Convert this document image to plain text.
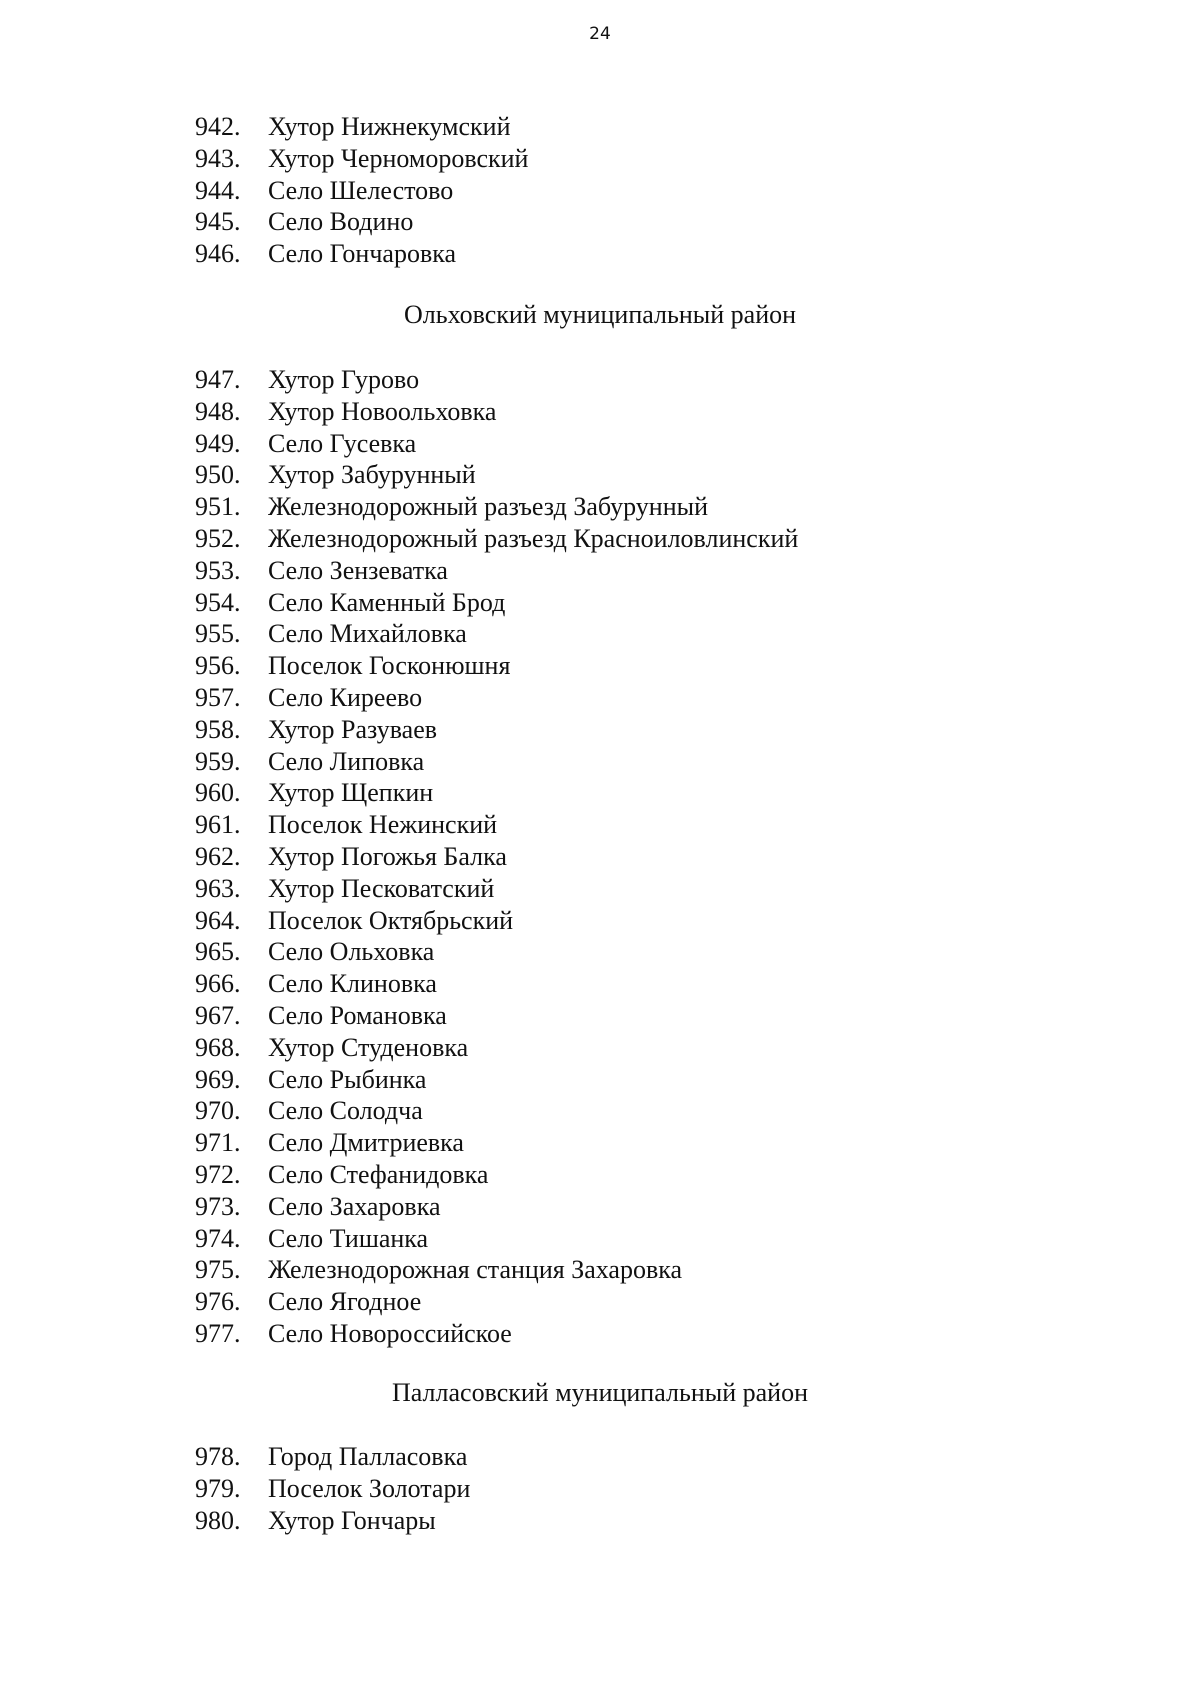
24
942. Хутор Нижнекумский
943. Хутор Черноморовский
944. Село Шелестово
945. Село Водино
946. Село Гончаровка
Ольховский муниципальный район
947. Хутор Гурово
948. Хутор Новоольховка
949. Село Гусевка
950. Хутор Забурунный
951. Железнодорожный разъезд Забурунный
952. Железнодорожный разъезд Красноиловлинский
953. Село Зензеватка
954. Село Каменный Брод
955. Село Михайловка
956. Поселок Госконюшня
957. Село Киреево
958. Хутор Разуваев
959. Село Липовка
960. Хутор Щепкин
961. Поселок Нежинский
962. Хутор Погожья Балка
963. Хутор Песковатский
964. Поселок Октябрьский
965. Село Ольховка
966. Село Клиновка
967. Село Романовка
968. Хутор Студеновка
969. Село Рыбинка
970. Село Солодча
971. Село Дмитриевка
972. Село Стефанидовка
973. Село Захаровка
974. Село Тишанка
975. Железнодорожная станция Захаровка
976. Село Ягодное
977. Село Новороссийское
Палласовский муниципальный район
978. Город Палласовка
979. Поселок Золотари
980. Хутор Гончары
